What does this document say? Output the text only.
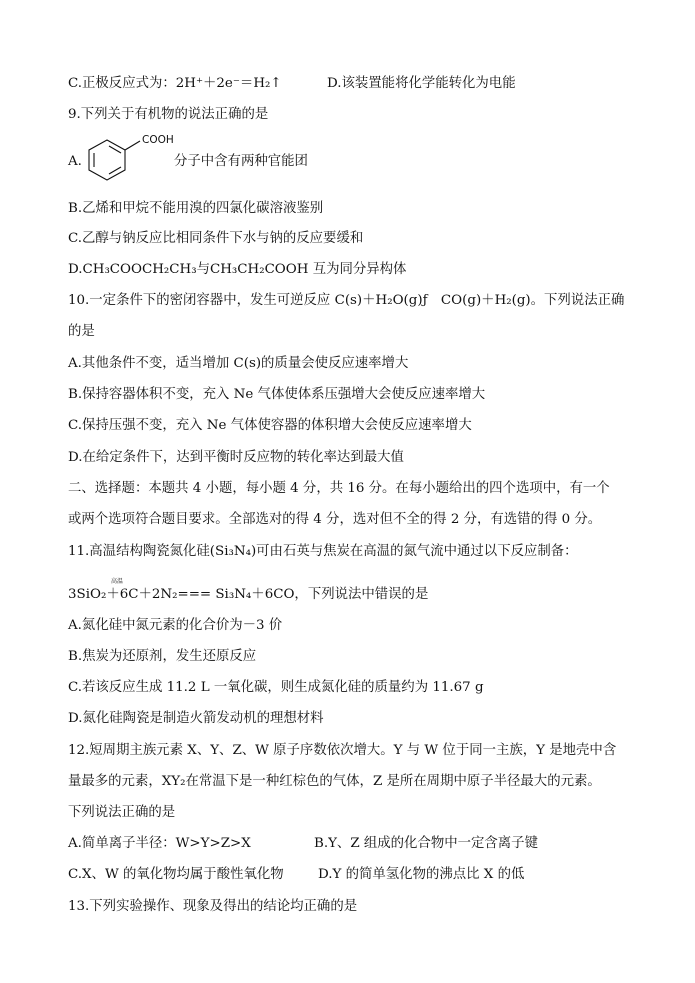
C.正极反应式为：2H⁺＋2e⁻＝H₂↑	D.该装置能将化学能转化为电能
9.下列关于有机物的说法正确的是
A.
COOH
分子中含有两种官能团
B.乙烯和甲烷不能用溴的四氯化碳溶液鉴别
C.乙醇与钠反应比相同条件下水与钠的反应要缓和
D.CH₃COOCH₂CH₃与CH₃CH₂COOH 互为同分异构体
10.一定条件下的密闭容器中，发生可逆反应 C(s)＋H₂O(g)ƒ　CO(g)＋H₂(g)。下列说法正确
的是
A.其他条件不变，适当增加 C(s)的质量会使反应速率增大
B.保持容器体积不变，充入 Ne 气体使体系压强增大会使反应速率增大
C.保持压强不变，充入 Ne 气体使容器的体积增大会使反应速率增大
D.在给定条件下，达到平衡时反应物的转化率达到最大值
二、选择题：本题共 4 小题，每小题 4 分，共 16 分。在每小题给出的四个选项中，有一个
或两个选项符合题目要求。全部选对的得 4 分，选对但不全的得 2 分，有选错的得 0 分。
11.高温结构陶瓷氮化硅(Si₃N₄)可由石英与焦炭在高温的氮气流中通过以下反应制备：
高温
3SiO₂＋6C＋2N₂=== Si₃N₄＋6CO，下列说法中错误的是
A.氮化硅中氮元素的化合价为－3 价
B.焦炭为还原剂，发生还原反应
C.若该反应生成 11.2 L 一氧化碳，则生成氮化硅的质量约为 11.67 g
D.氮化硅陶瓷是制造火箭发动机的理想材料
12.短周期主族元素 X、Y、Z、W 原子序数依次增大。Y 与 W 位于同一主族，Y 是地壳中含
量最多的元素，XY₂在常温下是一种红棕色的气体，Z 是所在周期中原子半径最大的元素。
下列说法正确的是
A.简单离子半径：W>Y>Z>X	B.Y、Z 组成的化合物中一定含离子键
C.X、W 的氧化物均属于酸性氧化物	D.Y 的简单氢化物的沸点比 X 的低
13.下列实验操作、现象及得出的结论均正确的是
